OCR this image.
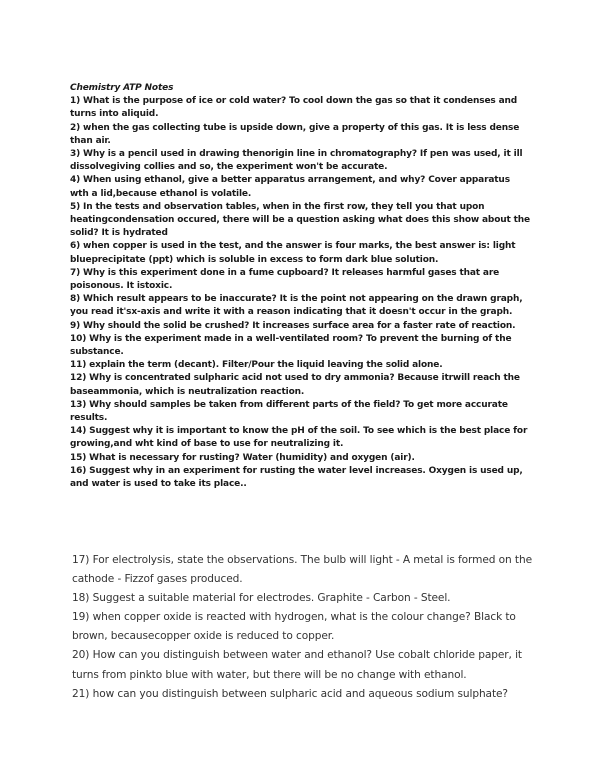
Chemistry ATP Notes

1) What is the purpose of ice or cold water? To cool down the gas so that it condenses and turns into aliquid.

2) when the gas collecting tube is upside down, give a property of this gas. It is less dense than air.

3) Why is a pencil used in drawing thenorigin line in chromatography? If pen was used, it ill dissolvegiving collies and so, the experiment won't be accurate.

4) When using ethanol, give a better apparatus arrangement, and why? Cover apparatus wth a lid,because ethanol is volatile.

5) In the tests and observation tables, when in the first row, they tell you that upon heatingcondensation occured, there will be a question asking what does this show about the solid? It is hydrated

6) when copper is used in the test, and the answer is four marks, the best answer is: light blueprecipitate (ppt) which is soluble in excess to form dark blue solution.

7) Why is this experiment done in a fume cupboard? It releases harmful gases that are poisonous. It istoxic.

8) Which result appears to be inaccurate? It is the point not appearing on the drawn graph, you read it'sx-axis and write it with a reason indicating that it doesn't occur in the graph.

9) Why should the solid be crushed? It increases surface area for a faster rate of reaction.

10) Why is the experiment made in a well-ventilated room? To prevent the burning of the substance.

11) explain the term (decant). Filter/Pour the liquid leaving the solid alone.

12) Why is concentrated sulpharic acid not used to dry ammonia? Because itrwill reach the baseammonia, which is neutralization reaction.

13) Why should samples be taken from different parts of the field? To get more accurate results.

14) Suggest why it is important to know the pH of the soil. To see which is the best place for growing,and wht kind of base to use for neutralizing it.

15) What is necessary for rusting? Water (humidity) and oxygen (air).

16) Suggest why in an experiment for rusting the water level increases. Oxygen is used up, and water is used to take its place..

17) For electrolysis, state the observations. The bulb will light - A metal is formed on the cathode - Fizzof gases produced.

18) Suggest a suitable material for electrodes. Graphite - Carbon - Steel.

19) when copper oxide is reacted with hydrogen, what is the colour change? Black to brown, becausecopper oxide is reduced to copper.

20) How can you distinguish between water and ethanol? Use cobalt chloride paper, it turns from pinkto blue with water, but there will be no change with ethanol.

21) how can you distinguish between sulpharic acid and aqueous sodium sulphate?
